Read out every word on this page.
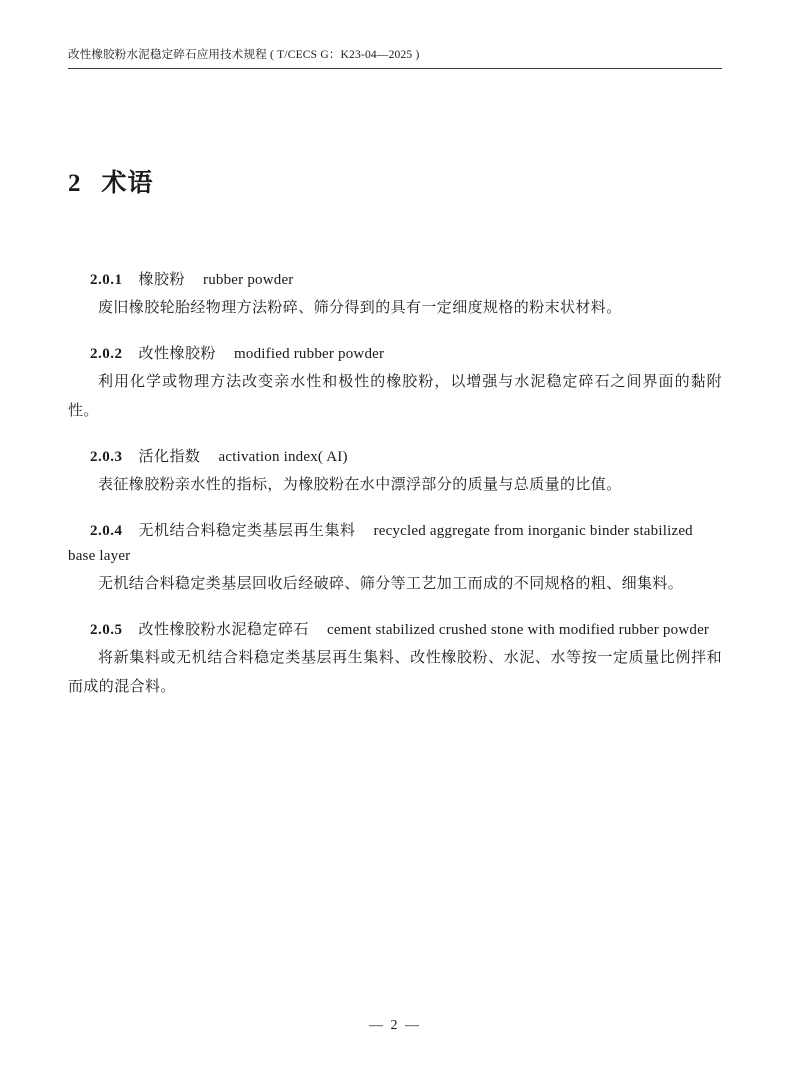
改性橡胶粉水泥稳定碎石应用技术规程 ( T/CECS G：K23-04—2025 )
2 术语
2.0.1 橡胶粉 rubber powder
废旧橡胶轮胎经物理方法粉碎、筛分得到的具有一定细度规格的粉末状材料。
2.0.2 改性橡胶粉 modified rubber powder
利用化学或物理方法改变亲水性和极性的橡胶粉，以增强与水泥稳定碎石之间界面的黏附性。
2.0.3 活化指数 activation index( AI)
表征橡胶粉亲水性的指标，为橡胶粉在水中漂浮部分的质量与总质量的比值。
2.0.4 无机结合料稳定类基层再生集料 recycled aggregate from inorganic binder stabilized base layer
无机结合料稳定类基层回收后经破碎、筛分等工艺加工而成的不同规格的粗、细集料。
2.0.5 改性橡胶粉水泥稳定碎石 cement stabilized crushed stone with modified rubber powder
将新集料或无机结合料稳定类基层再生集料、改性橡胶粉、水泥、水等按一定质量比例拌和而成的混合料。
— 2 —
